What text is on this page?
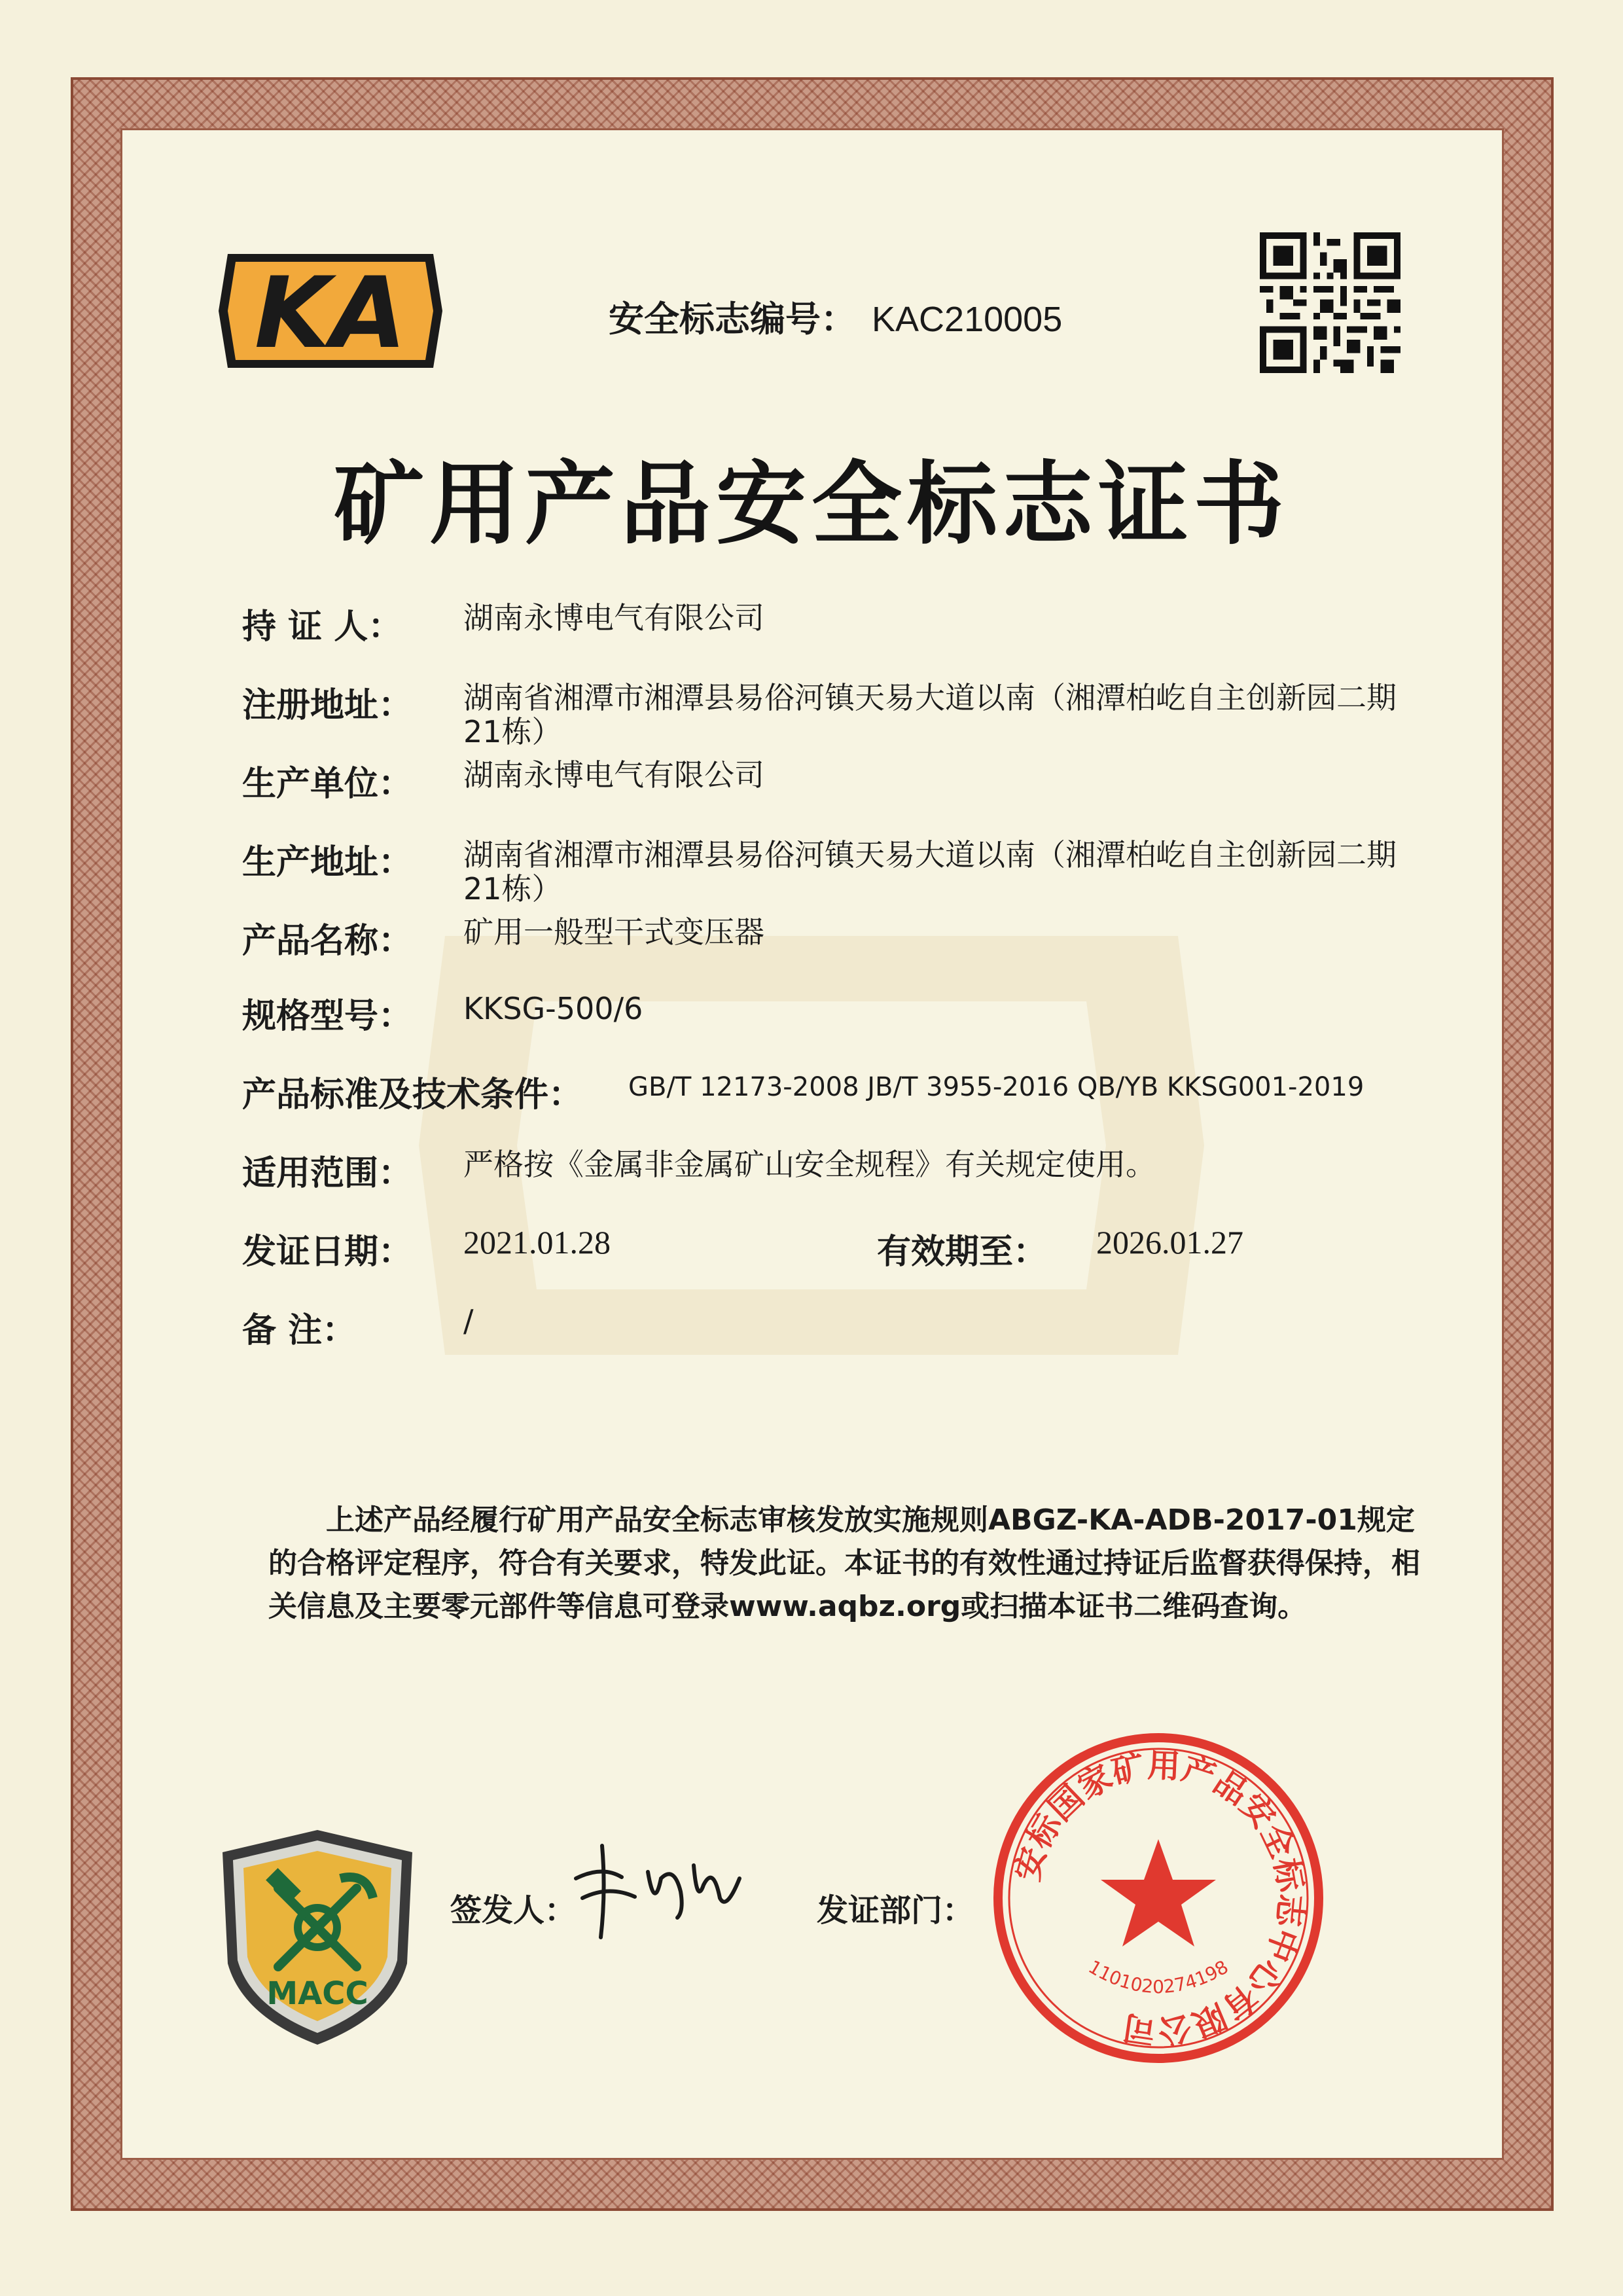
KA	安全标志编号： KAC210005
矿用产品安全标志证书
持 证 人： 湖南永博电气有限公司
注册地址： 湖南省湘潭市湘潭县易俗河镇天易大道以南（湘潭柏屹自主创新园二期21栋）
生产单位： 湖南永博电气有限公司
生产地址： 湖南省湘潭市湘潭县易俗河镇天易大道以南（湘潭柏屹自主创新园二期21栋）
产品名称： 矿用一般型干式变压器
规格型号： KKSG-500/6
产品标准及技术条件： GB/T 12173-2008 JB/T 3955-2016 QB/YB KKSG001-2019
适用范围： 严格按《金属非金属矿山安全规程》有关规定使用。
发证日期： 2021.01.28	有效期至： 2026.01.27
备 注：	/
上述产品经履行矿用产品安全标志审核发放实施规则ABGZ-KA-ADB-2017-01规定的合格评定程序，符合有关要求，特发此证。本证书的有效性通过持证后监督获得保持，相关信息及主要零元部件等信息可登录www.aqbz.org或扫描本证书二维码查询。
MACC
签发人：	发证部门：
安标国家矿用产品安全标志中心有限公司
1101020274198
